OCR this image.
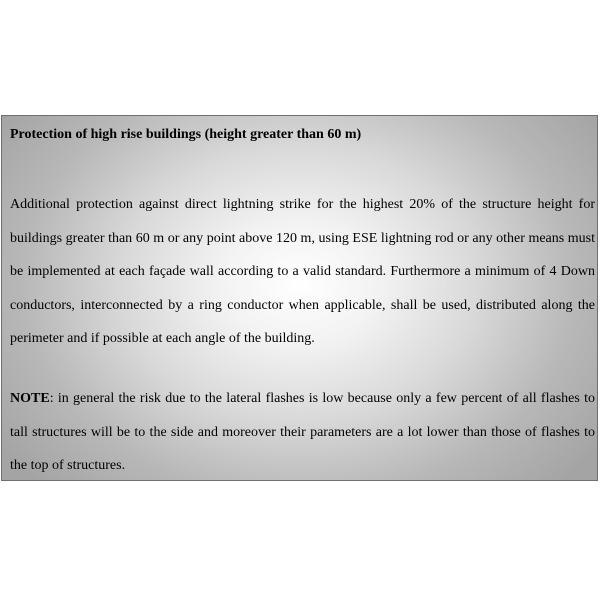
Protection of high rise buildings (height greater than 60 m)
Additional protection against direct lightning strike for the highest 20% of the structure height for buildings greater than 60 m or any point above 120 m, using ESE lightning rod or any other means must be implemented at each façade wall according to a valid standard. Furthermore a minimum of 4 Down conductors, interconnected by a ring conductor when applicable, shall be used, distributed along the perimeter and if possible at each angle of the building.
NOTE: in general the risk due to the lateral flashes is low because only a few percent of all flashes to tall structures will be to the side and moreover their parameters are a lot lower than those of flashes to the top of structures.
